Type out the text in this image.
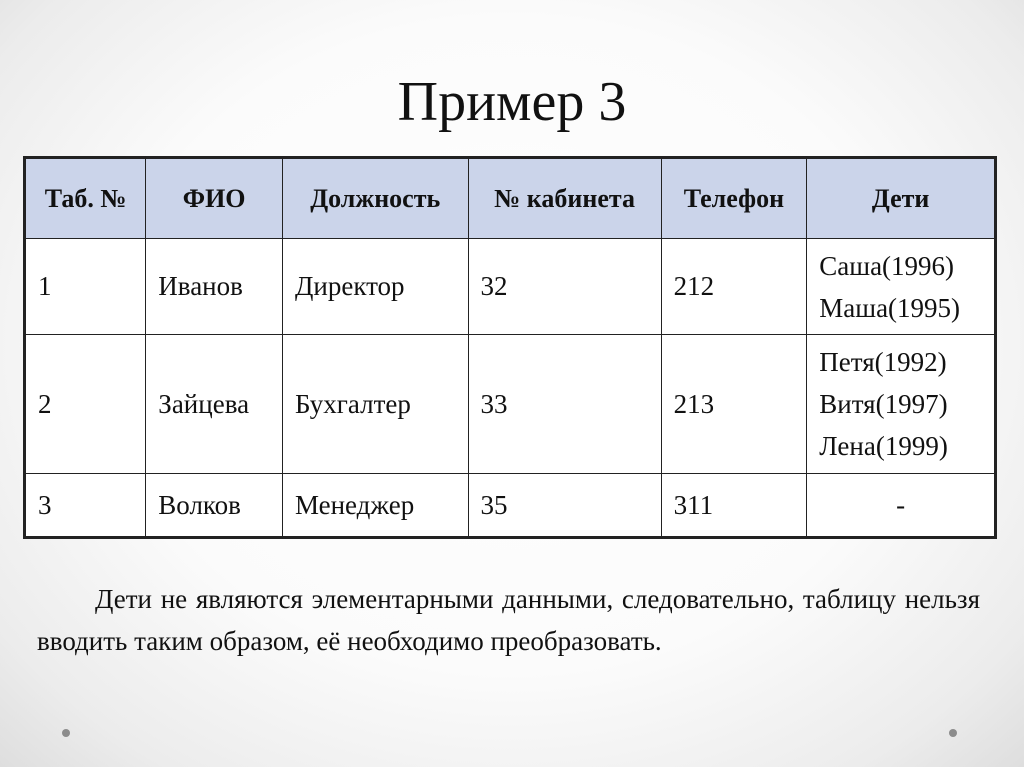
Пример 3
Таб. №	ФИО	Должность	№ кабинета	Телефон	Дети
1	Иванов	Директор	32	212	Саша(1996)
Маша(1995)

2	Зайцева	Бухгалтер	33	213	Петя(1992)
Витя(1997)
Лена(1999)

3	Волков	Менеджер	35	311	-
Дети не являются элементарными данными, следовательно, таблицу нельзя вводить таким образом, её необходимо преобразовать.
